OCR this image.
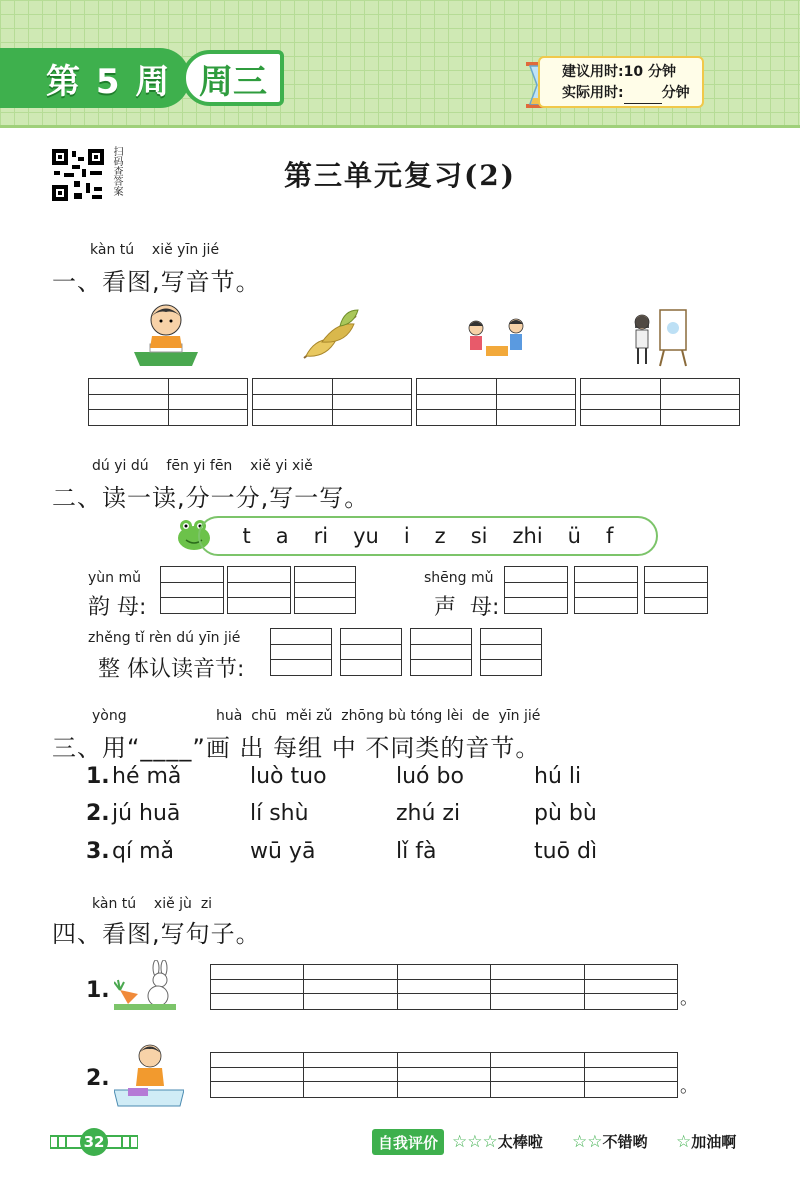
第 5 周 周三	建议用时:10 分钟
实际用时:	分钟
扫码查答案	第三单元复习(2)
kàn tú    xiě yīn jié
一、看图,写音节。
dú yi dú    fēn yi fēn    xiě yi xiě
二、读一读,分一分,写一写。
t a ri yu i z si zhi ü f
yùn mǔ
韵 母:
shēng mǔ
声  母:
zhěng tǐ rèn dú yīn jié
整 体认读音节:
yòng	huà  chū  měi zǔ  zhōng bù tóng lèi  de  yīn jié
三、用“____”画 出 每组 中 不同类的音节。
1. hé mǎ	luò tuo	luó bo	hú li
2. jú huā	lí shù	zhú zi	pù bù
3. qí mǎ	wū yā	lǐ fà	tuō dì
kàn tú    xiě jù  zi
四、看图,写句子。
1.	。
2.	。
32	自我评价 ☆☆☆太棒啦 ☆☆不错哟 ☆加油啊
